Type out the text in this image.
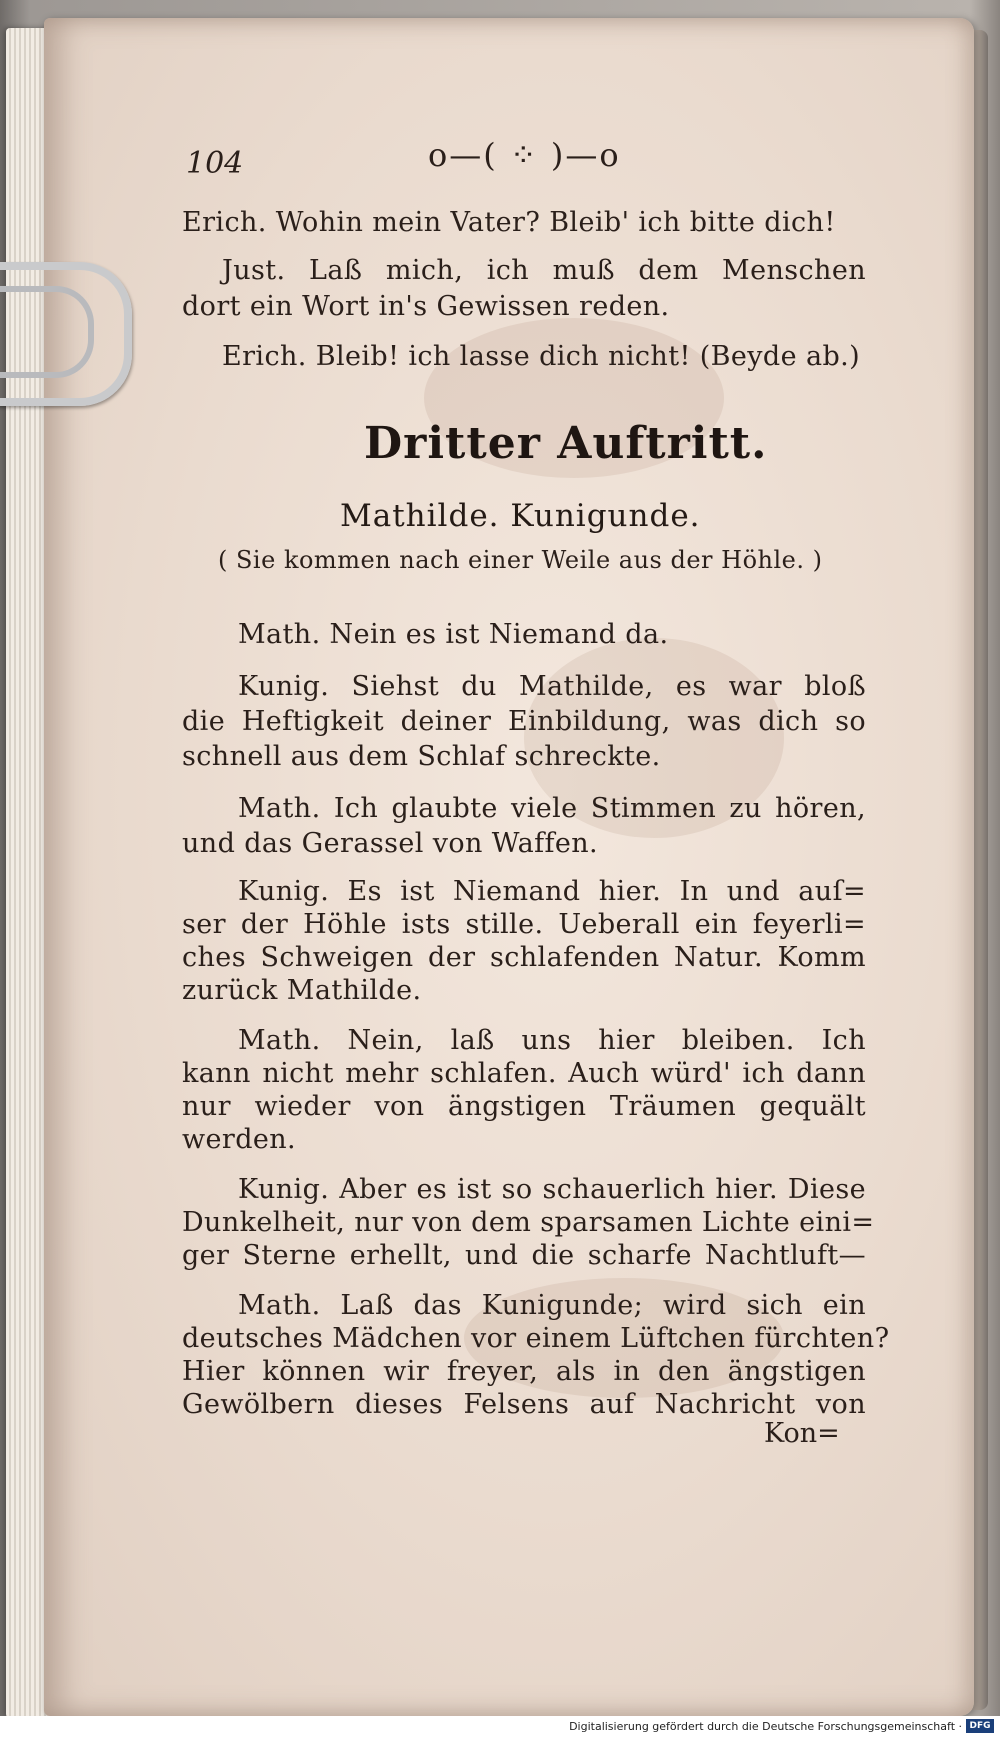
104	o—( ⁘ )—o
Erich. Wohin mein Vater? Bleib' ich bitte dich!
Just. Laß mich, ich muß dem Menschen
dort ein Wort in's Gewissen reden.
Erich. Bleib! ich lasse dich nicht! (Beyde ab.)
Dritter Auftritt.
Mathilde. Kunigunde.
( Sie kommen nach einer Weile aus der Höhle. )
Math. Nein es ist Niemand da.
Kunig. Siehst du Mathilde, es war bloß
die Heftigkeit deiner Einbildung, was dich so
schnell aus dem Schlaf schreckte.
Math. Ich glaubte viele Stimmen zu hören,
und das Gerassel von Waffen.
Kunig. Es ist Niemand hier. In und auſ=
ser der Höhle ists stille. Ueberall ein feyerli=
ches Schweigen der schlafenden Natur. Komm
zurück Mathilde.
Math. Nein, laß uns hier bleiben. Ich
kann nicht mehr schlafen. Auch würd' ich dann
nur wieder von ängstigen Träumen gequält
werden.
Kunig. Aber es ist so schauerlich hier. Diese
Dunkelheit, nur von dem sparsamen Lichte eini=
ger Sterne erhellt, und die scharfe Nachtluft—
Math. Laß das Kunigunde; wird sich ein
deutsches Mädchen vor einem Lüftchen fürchten?
Hier können wir freyer, als in den ängstigen
Gewölbern dieses Felsens auf Nachricht von
Kon=
Digitalisierung gefördert durch die Deutsche Forschungsgemeinschaft · DFG
